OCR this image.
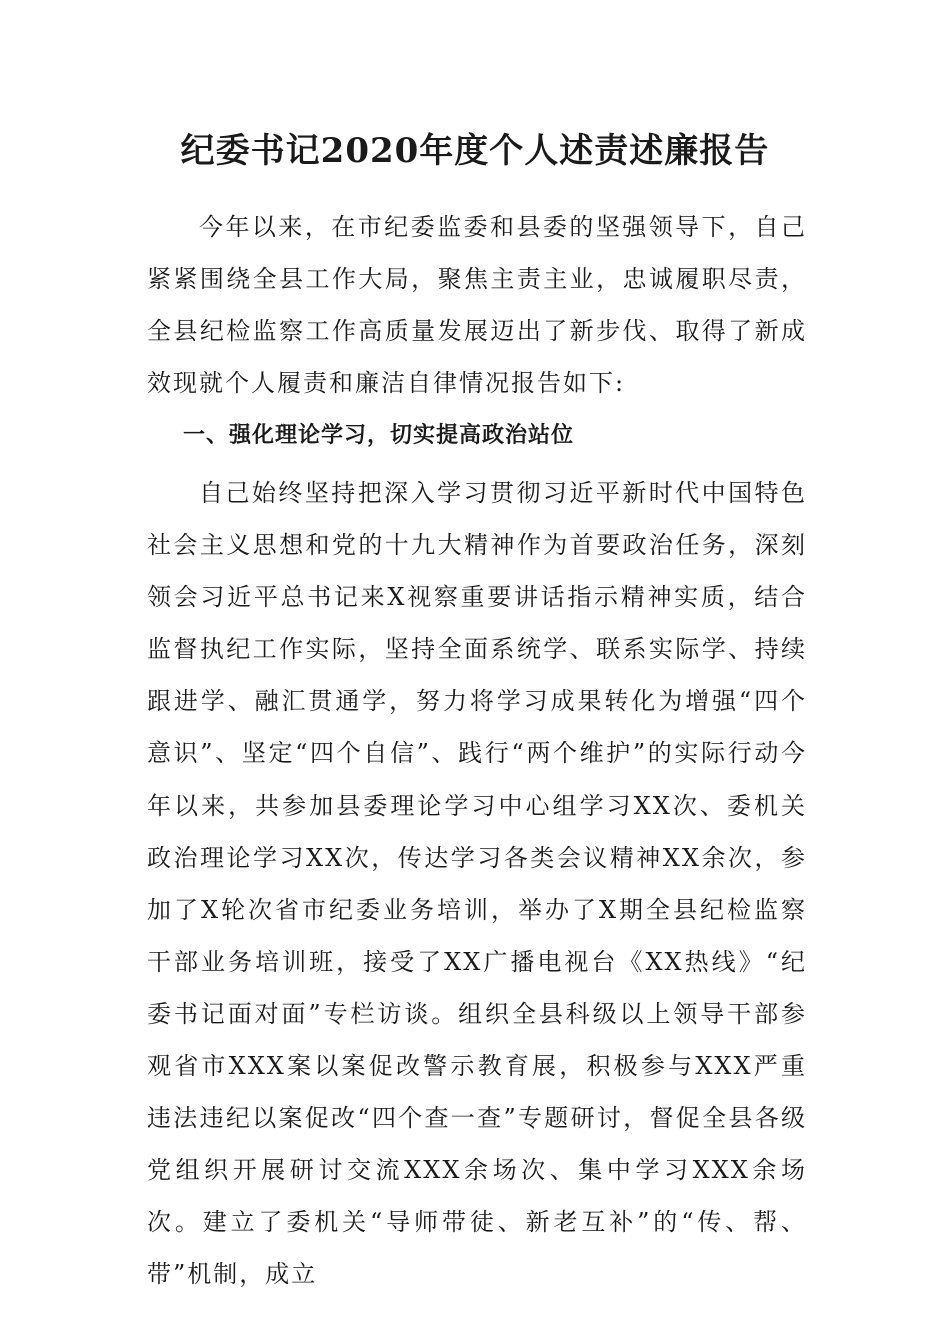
纪委书记2020年度个人述责述廉报告

今年以来，在市纪委监委和县委的坚强领导下，自己紧紧围绕全县工作大局，聚焦主责主业，忠诚履职尽责，全县纪检监察工作高质量发展迈出了新步伐、取得了新成效现就个人履责和廉洁自律情况报告如下:

一、强化理论学习，切实提高政治站位

自己始终坚持把深入学习贯彻习近平新时代中国特色社会主义思想和党的十九大精神作为首要政治任务，深刻领会习近平总书记来X视察重要讲话指示精神实质，结合监督执纪工作实际，坚持全面系统学、联系实际学、持续跟进学、融汇贯通学，努力将学习成果转化为增强“四个意识”、坚定“四个自信”、践行“两个维护”的实际行动今年以来，共参加县委理论学习中心组学习XX次、委机关政治理论学习XX次，传达学习各类会议精神XX余次，参加了X轮次省市纪委业务培训，举办了X期全县纪检监察干部业务培训班，接受了XX广播电视台《XX热线》“纪委书记面对面”专栏访谈。组织全县科级以上领导干部参观省市XXX案以案促改警示教育展，积极参与XXX严重违法违纪以案促改“四个查一查”专题研讨，督促全县各级党组织开展研讨交流XXX余场次、集中学习XXX余场次。建立了委机关“导师带徒、新老互补”的“传、帮、带”机制，成立
